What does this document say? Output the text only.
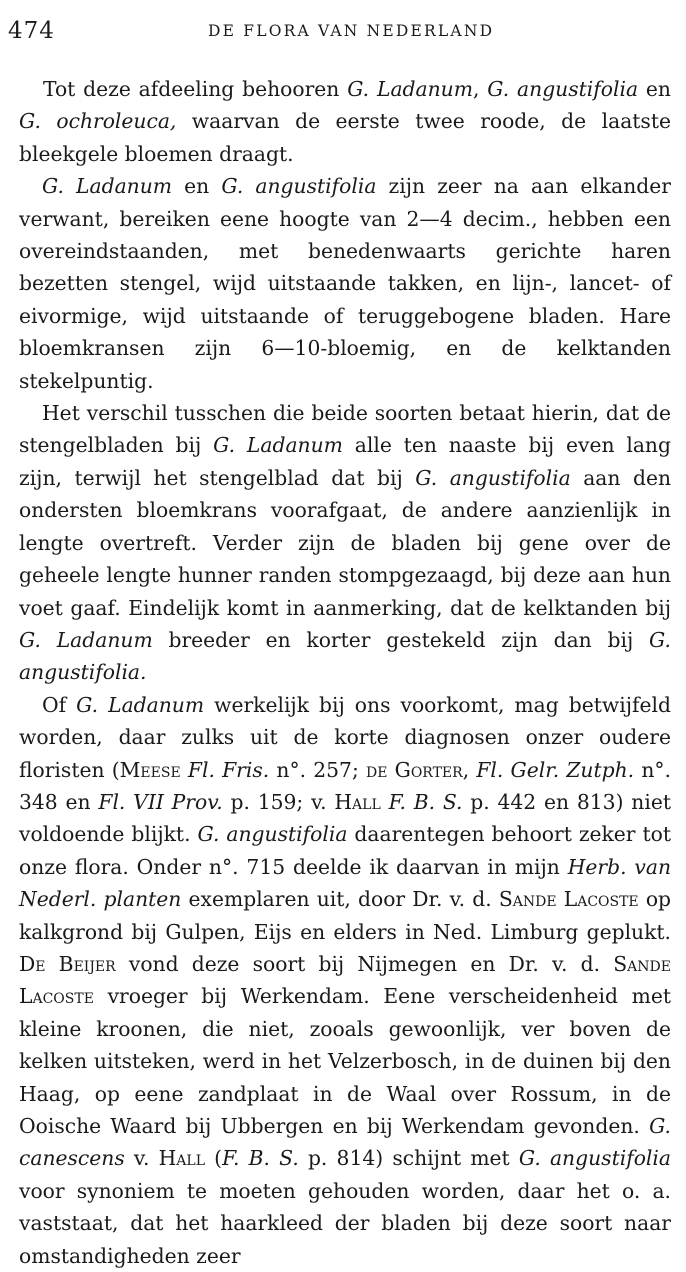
474	DE FLORA VAN NEDERLAND

Tot deze afdeeling behooren G. Ladanum, G. angustifolia en G. ochroleuca, waarvan de eerste twee roode, de laatste bleekgele bloemen draagt.

G. Ladanum en G. angustifolia zijn zeer na aan elkander verwant, bereiken eene hoogte van 2—4 decim., hebben een overeindstaanden, met benedenwaarts gerichte haren bezetten stengel, wijd uitstaande takken, en lijn-, lancet- of eivormige, wijd uitstaande of teruggebogene bladen. Hare bloemkransen zijn 6—10-bloemig, en de kelktanden stekelpuntig.

Het verschil tusschen die beide soorten betaat hierin, dat de stengelbladen bij G. Ladanum alle ten naaste bij even lang zijn, terwijl het stengelblad dat bij G. angustifolia aan den ondersten bloemkrans voorafgaat, de andere aanzienlijk in lengte overtreft. Verder zijn de bladen bij gene over de geheele lengte hunner randen stompgezaagd, bij deze aan hun voet gaaf. Eindelijk komt in aanmerking, dat de kelktanden bij G. Ladanum breeder en korter gestekeld zijn dan bij G. angustifolia.

Of G. Ladanum werkelijk bij ons voorkomt, mag betwijfeld worden, daar zulks uit de korte diagnosen onzer oudere floristen (Meese Fl. Fris. n°. 257; de Gorter, Fl. Gelr. Zutph. n°. 348 en Fl. VII Prov. p. 159; v. Hall F. B. S. p. 442 en 813) niet voldoende blijkt. G. angustifolia daarentegen behoort zeker tot onze flora. Onder n°. 715 deelde ik daarvan in mijn Herb. van Nederl. planten exemplaren uit, door Dr. v. d. Sande Lacoste op kalkgrond bij Gulpen, Eijs en elders in Ned. Limburg geplukt. De Beijer vond deze soort bij Nijmegen en Dr. v. d. Sande Lacoste vroeger bij Werkendam. Eene verscheidenheid met kleine kroonen, die niet, zooals gewoonlijk, ver boven de kelken uitsteken, werd in het Velzerbosch, in de duinen bij den Haag, op eene zandplaat in de Waal over Rossum, in de Ooische Waard bij Ubbergen en bij Werkendam gevonden. G. canescens v. Hall (F. B. S. p. 814) schijnt met G. angustifolia voor synoniem te moeten gehouden worden, daar het o. a. vaststaat, dat het haarkleed der bladen bij deze soort naar omstandigheden zeer
